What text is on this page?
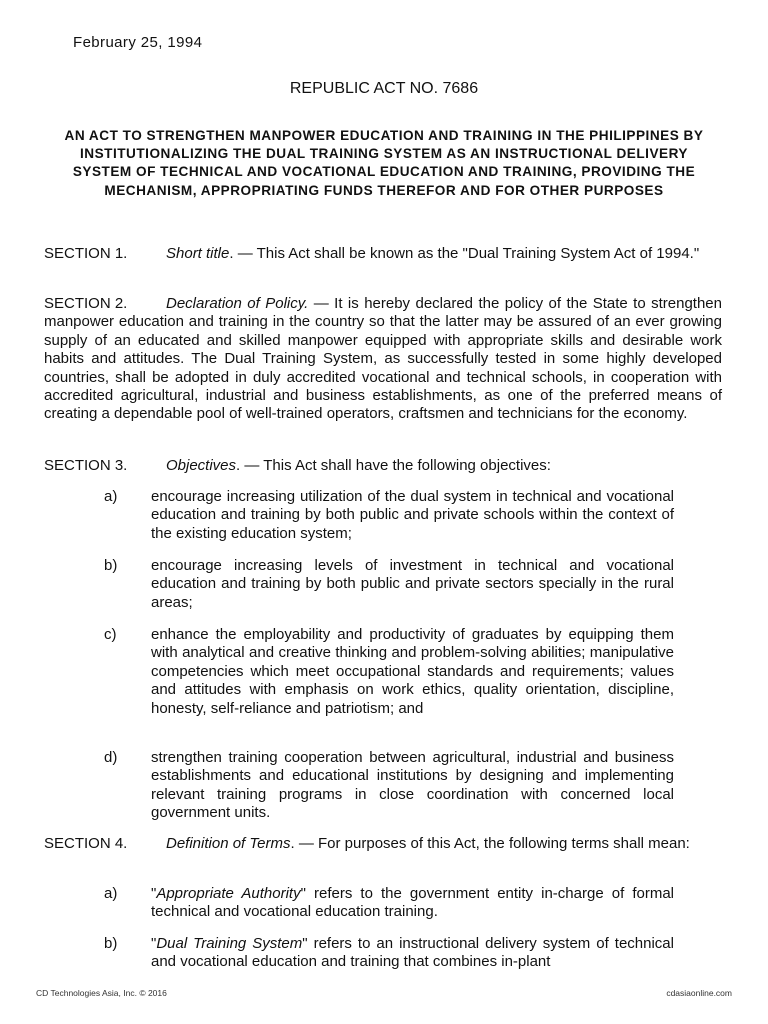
February 25, 1994
REPUBLIC ACT NO. 7686
AN ACT TO STRENGTHEN MANPOWER EDUCATION AND TRAINING IN THE PHILIPPINES BY INSTITUTIONALIZING THE DUAL TRAINING SYSTEM AS AN INSTRUCTIONAL DELIVERY SYSTEM OF TECHNICAL AND VOCATIONAL EDUCATION AND TRAINING, PROVIDING THE MECHANISM, APPROPRIATING FUNDS THEREFOR AND FOR OTHER PURPOSES
SECTION 1.	Short title. — This Act shall be known as the "Dual Training System Act of 1994."
SECTION 2.	Declaration of Policy. — It is hereby declared the policy of the State to strengthen manpower education and training in the country so that the latter may be assured of an ever growing supply of an educated and skilled manpower equipped with appropriate skills and desirable work habits and attitudes. The Dual Training System, as successfully tested in some highly developed countries, shall be adopted in duly accredited vocational and technical schools, in cooperation with accredited agricultural, industrial and business establishments, as one of the preferred means of creating a dependable pool of well-trained operators, craftsmen and technicians for the economy.
SECTION 3.	Objectives. — This Act shall have the following objectives:
a) encourage increasing utilization of the dual system in technical and vocational education and training by both public and private schools within the context of the existing education system;
b) encourage increasing levels of investment in technical and vocational education and training by both public and private sectors specially in the rural areas;
c) enhance the employability and productivity of graduates by equipping them with analytical and creative thinking and problem-solving abilities; manipulative competencies which meet occupational standards and requirements; values and attitudes with emphasis on work ethics, quality orientation, discipline, honesty, self-reliance and patriotism; and
d) strengthen training cooperation between agricultural, industrial and business establishments and educational institutions by designing and implementing relevant training programs in close coordination with concerned local government units.
SECTION 4.	Definition of Terms. — For purposes of this Act, the following terms shall mean:
a) "Appropriate Authority" refers to the government entity in-charge of formal technical and vocational education training.
b) "Dual Training System" refers to an instructional delivery system of technical and vocational education and training that combines in-plant
CD Technologies Asia, Inc. © 2016	cdasiaonline.com
